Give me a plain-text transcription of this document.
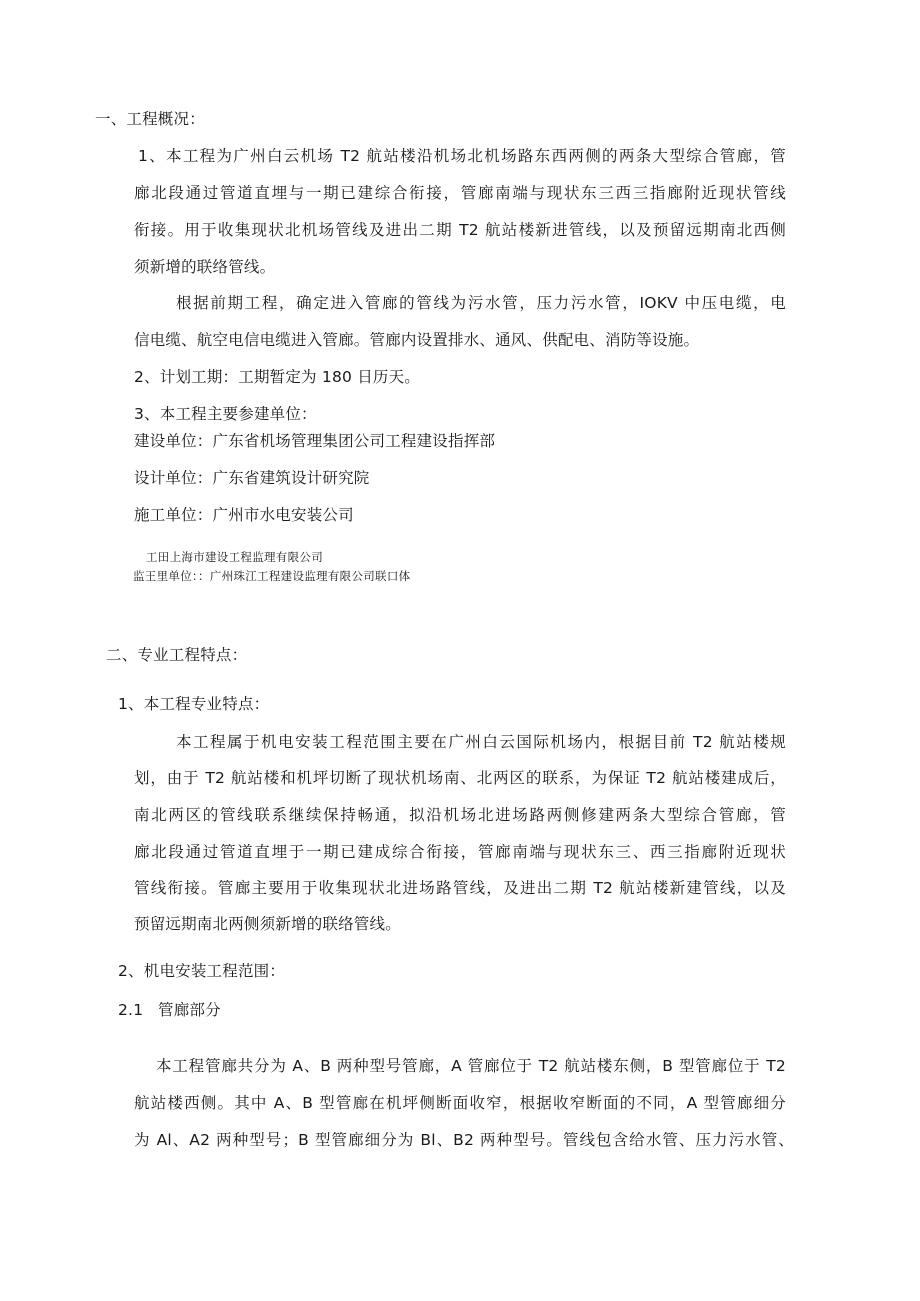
一、工程概况：
1、本工程为广州白云机场 T2 航站楼沿机场北机场路东西两侧的两条大型综合管廊，管
廊北段通过管道直埋与一期已建综合衔接，管廊南端与现状东三西三指廊附近现状管线
衔接。用于收集现状北机场管线及进出二期 T2 航站楼新进管线，以及预留远期南北西侧
须新增的联络管线。
根据前期工程，确定进入管廊的管线为污水管，压力污水管，IOKV 中压电缆，电
信电缆、航空电信电缆进入管廊。管廊内设置排水、通风、供配电、消防等设施。
2、计划工期：工期暂定为 180 日历天。
3、本工程主要参建单位：
建设单位：广东省机场管理集团公司工程建设指挥部
设计单位：广东省建筑设计研究院
施工单位：广州市水电安装公司
工田上海市建设工程监理有限公司
监王里单位：：广州珠江工程建设监理有限公司联口体
二、专业工程特点：
1、本工程专业特点：
本工程属于机电安装工程范围主要在广州白云国际机场内，根据目前 T2 航站楼规
划，由于 T2 航站楼和机坪切断了现状机场南、北两区的联系，为保证 T2 航站楼建成后，
南北两区的管线联系继续保持畅通，拟沿机场北进场路两侧修建两条大型综合管廊，管
廊北段通过管道直埋于一期已建成综合衔接，管廊南端与现状东三、西三指廊附近现状
管线衔接。管廊主要用于收集现状北进场路管线，及进出二期 T2 航站楼新建管线，以及
预留远期南北两侧须新增的联络管线。
2、机电安装工程范围：
2.1 管廊部分
本工程管廊共分为 A、B 两种型号管廊，A 管廊位于 T2 航站楼东侧，B 型管廊位于 T2
航站楼西侧。其中 A、B 型管廊在机坪侧断面收窄，根据收窄断面的不同，A 型管廊细分
为 Al、A2 两种型号；B 型管廊细分为 Bl、B2 两种型号。管线包含给水管、压力污水管、
